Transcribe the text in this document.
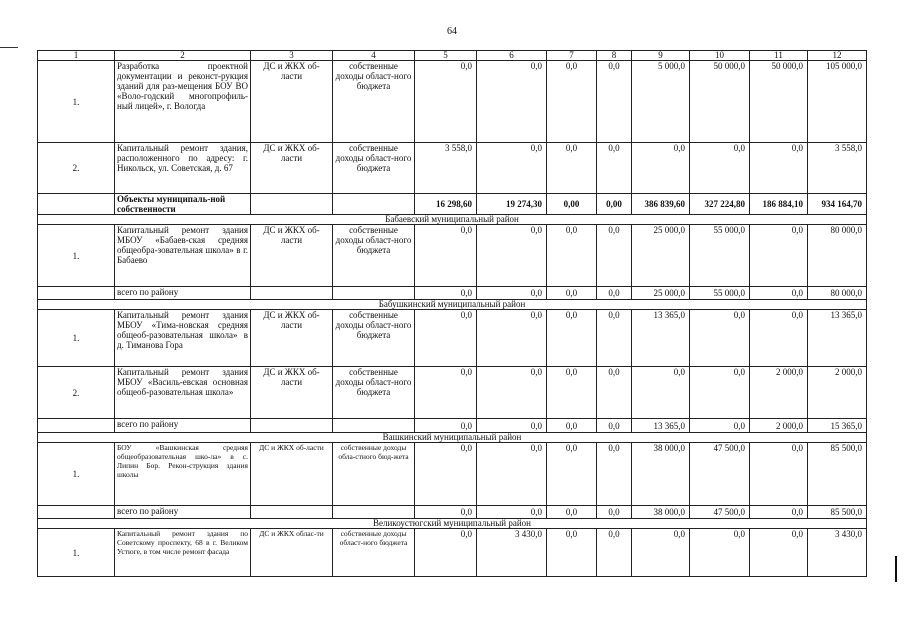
64
1	2	3	4	5	6	7	8	9	10	11	12
1.	Разработка проектной документации и реконст-рукция зданий для раз-мещения БОУ ВО «Воло-годский многопрофиль-ный лицей», г. Вологда	ДС и ЖКХ об-ласти	собственные доходы област-ного бюджета	0,0	0,0	0,0	0,0	5 000,0	50 000,0	50 000,0	105 000,0
2.	Капитальный ремонт здания, расположенного по адресу: г. Никольск, ул. Советская, д. 67	ДС и ЖКХ об-ласти	собственные доходы област-ного бюджета	3 558,0	0,0	0,0	0,0	0,0	0,0	0,0	3 558,0
	Объекты муниципаль-ной собственности			16 298,60	19 274,30	0,00	0,00	386 839,60	327 224,80	186 884,10	934 164,70
Бабаевский муниципальный район											
1.	Капитальный ремонт здания МБОУ «Бабаев-ская средняя общеобра-зовательная школа» в г. Бабаево	ДС и ЖКХ об-ласти	собственные доходы област-ного бюджета	0,0	0,0	0,0	0,0	25 000,0	55 000,0	0,0	80 000,0
	всего по району			0,0	0,0	0,0	0,0	25 000,0	55 000,0	0,0	80 000,0
Бабушкинский муниципальный район											
1.	Капитальный ремонт здания МБОУ «Тима-новская средняя общеоб-разовательная школа» в д. Тиманова Гора	ДС и ЖКХ об-ласти	собственные доходы област-ного бюджета	0,0	0,0	0,0	0,0	13 365,0	0,0	0,0	13 365,0
2.	Капитальный ремонт здания МБОУ «Василь-евская основная общеоб-разовательная школа»	ДС и ЖКХ об-ласти	собственные доходы област-ного бюджета	0,0	0,0	0,0	0,0	0,0	0,0	2 000,0	2 000,0
	всего по району			0,0	0,0	0,0	0,0	13 365,0	0,0	2 000,0	15 365,0
Вашкинский муниципальный район											
1.	БОУ «Вашкинская средняя общеобразовательная шко-ла» в с. Липин Бор. Рекон-струкция здания школы	ДС и ЖКХ об-ласти	собственные доходы обла-стного бюд-жета	0,0	0,0	0,0	0,0	38 000,0	47 500,0	0,0	85 500,0
	всего по району			0,0	0,0	0,0	0,0	38 000,0	47 500,0	0,0	85 500,0
Великоустюгский муниципальный район											
1.	Капитальный ремонт здания по Советскому проспекту, 68 в г. Великом Устюге, в том числе ремонт фасада	ДС и ЖКХ облас-ти	собственные доходы област-ного бюджета	0,0	3 430,0	0,0	0,0	0,0	0,0	0,0	3 430,0
